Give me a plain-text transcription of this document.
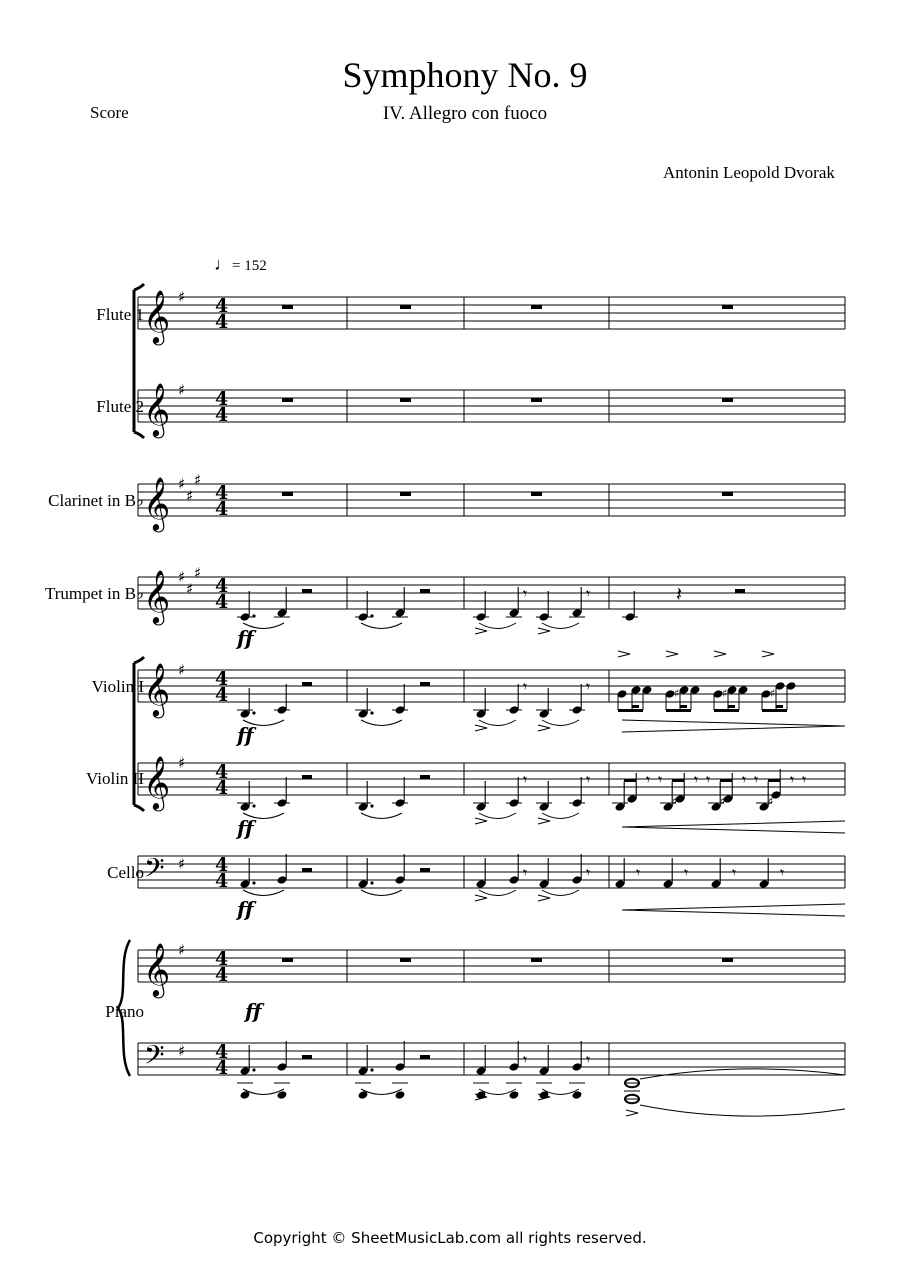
Symphony No. 9
IV. Allegro con fuoco
Score
Antonin Leopold Dvorak
♩= 152
Flute 1
Flute 2
Clarinet in B♭
Trumpet in B♭
Violin I
Violin II
Cello
Piano
𝄞 ♯ 4
4
𝄞 ♯ 4
4
𝄞 ♯
♯
♯
4
4
𝄞 ♯
♯
♯
4
4
𝄞 ♯ 4
4
𝄞 ♯ 4
4
𝄢 ♯ 4
4
𝄞 ♯ 4
4
𝄢 ♯ 4
4
𝄾	𝄾
ff
𝄽
𝄾	𝄾
ff
♯	♯	♯
𝄾	𝄾
ff
𝄾 𝄾 𝄾 𝄾
♯
𝄾 𝄾
♯
𝄾 𝄾
♯
𝄾	𝄾
ff
𝄾	𝄾	𝄾	𝄾
ff
𝄾	𝄾
Copyright © SheetMusicLab.com all rights reserved.
